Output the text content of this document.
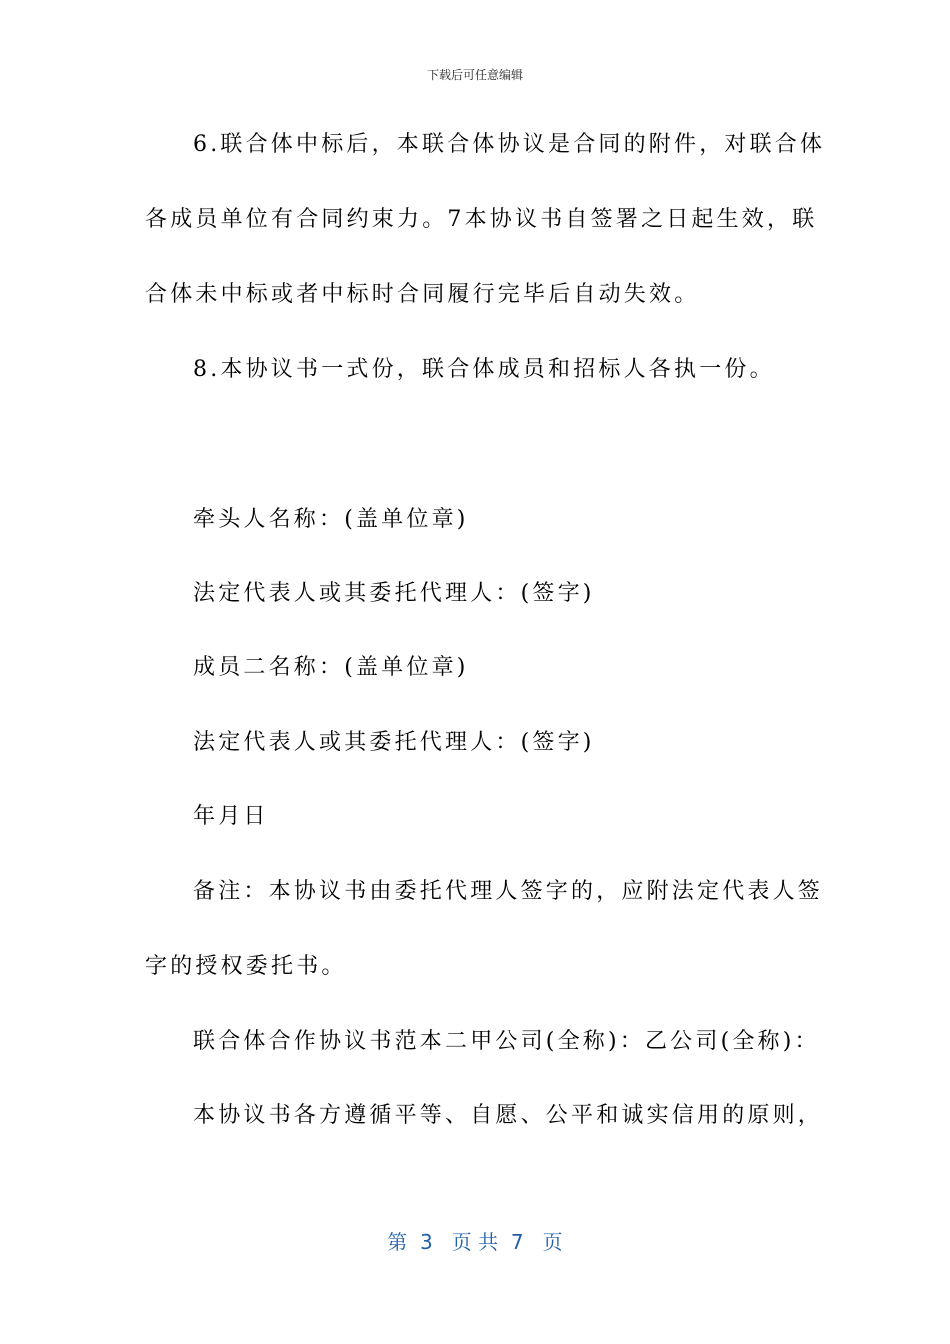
下载后可任意编辑
6.联合体中标后，本联合体协议是合同的附件，对联合体
各成员单位有合同约束力。7本协议书自签署之日起生效，联
合体未中标或者中标时合同履行完毕后自动失效。
8.本协议书一式份，联合体成员和招标人各执一份。
牵头人名称：(盖单位章)
法定代表人或其委托代理人：(签字)
成员二名称：(盖单位章)
法定代表人或其委托代理人：(签字)
年月日
备注：本协议书由委托代理人签字的，应附法定代表人签
字的授权委托书。
联合体合作协议书范本二甲公司(全称)：乙公司(全称)：
本协议书各方遵循平等、自愿、公平和诚实信用的原则，
第  3   页 共  7   页
